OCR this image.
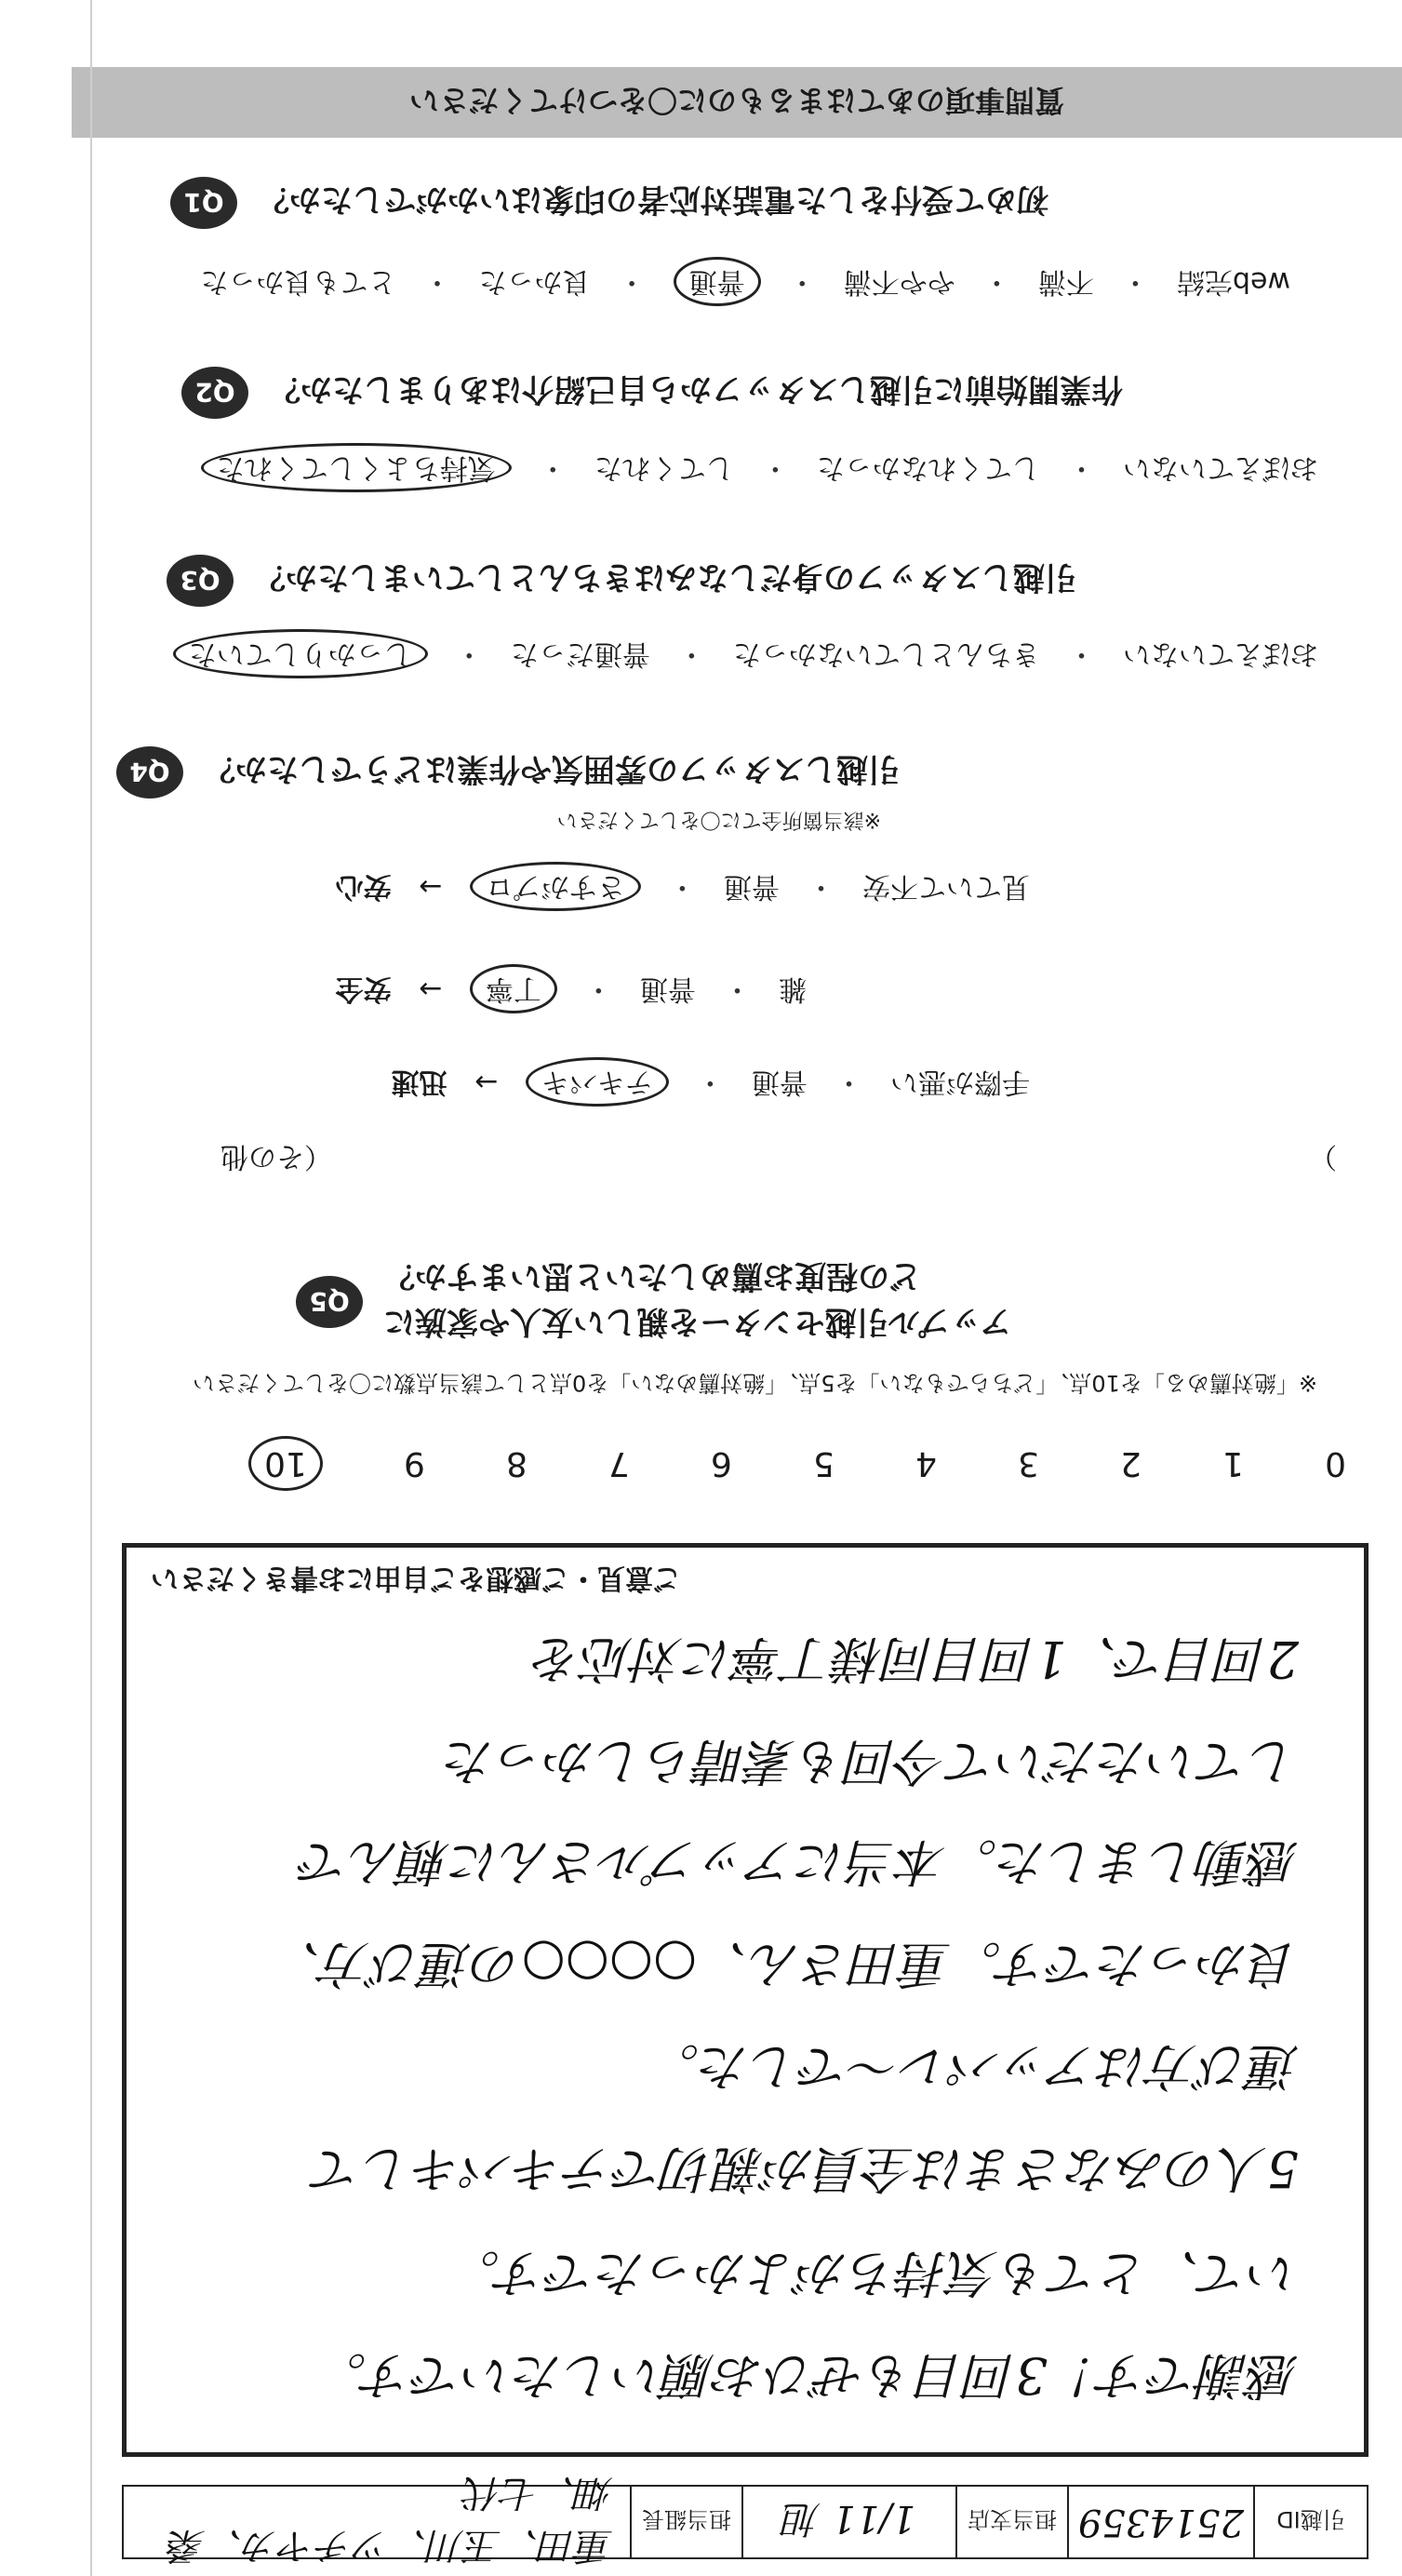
引越ID
2514359
担当支店
1/11 旭
担当組長
重田、玉川、ツチヤカ、桑畑、七代
感謝です！3回目もぜひお願いしたいです。
いて、とても気持ちがよかったです。
5人のみなさまは全員が親切でテキパキして
運び方はアッパレ～でした。
良かったです。重田さん、○○○○の運び方、
感動しました。本当にアップルさんに頼んで
していただいて今回も素晴らしかった
2回目で、1回目同様丁寧に対応を
ご意見・ご感想をご自由にお書きください
0
1
2
3
4
5
6
7
8
9
10
※「絶対薦める」を10点、「どちらでもない」を5点、「絶対薦めない」を0点として該当点数に〇をしてください
アップル引越センターを親しい友人や家族に
どの程度お薦めしたいと思いますか？
Q5
）
（その他
手際が悪い ・ 普通 ・ テキパキ → 迅速
雑 ・ 普通 ・ 丁寧 → 安全
見ていて不安 ・ 普通 ・ さすがプロ → 安心
※該当箇所全てに〇をしてください
引越しスタッフの雰囲気や作業はどうでしたか？
Q4
おぼえていない ・ きちんとしていなかった ・ 普通だった ・ しっかりしていた
引越しスタッフの身だしなみはきちんとしていましたか？
Q3
おぼえていない ・ してくれなかった ・ してくれた ・ 気持ちよくしてくれた
作業開始前に引越しスタッフから自己紹介はありましたか？
Q2
web完結 ・ 不満 ・ やや不満 ・ 普通 ・ 良かった ・ とても良かった
初めて受付をした電話対応者の印象はいかがでしたか？
Q1
質問事項のあてはまるものに〇をつけてください
